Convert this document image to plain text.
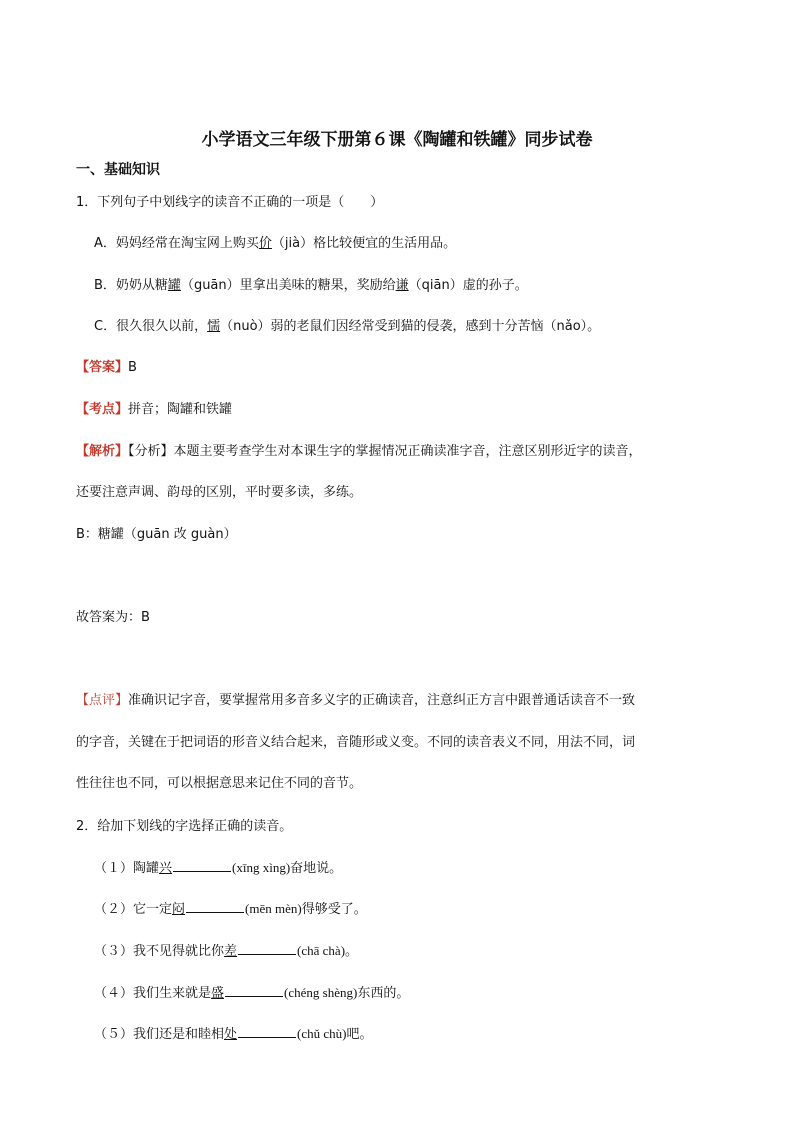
小学语文三年级下册第６课《陶罐和铁罐》同步试卷
一、基础知识
1．下列句子中划线字的读音不正确的一项是（　　）
A．妈妈经常在淘宝网上购买价（jià）格比较便宜的生活用品。
B．奶奶从糖罐（guān）里拿出美味的糖果，奖励给谦（qiān）虚的孙子。
C．很久很久以前，懦（nuò）弱的老鼠们因经常受到猫的侵袭，感到十分苦恼（nǎo）。
【答案】B
【考点】拼音；陶罐和铁罐
【解析】【分析】本题主要考查学生对本课生字的掌握情况正确读准字音，注意区别形近字的读音，
还要注意声调、韵母的区别，平时要多读，多练。
B：糖罐（guān 改 guàn）
故答案为：B
【点评】准确识记字音，要掌握常用多音多义字的正确读音，注意纠正方言中跟普通话读音不一致
的字音，关键在于把词语的形音义结合起来，音随形或义变。不同的读音表义不同，用法不同，词
性往往也不同，可以根据意思来记住不同的音节。
2．给加下划线的字选择正确的读音。
（１）陶罐兴	(xīng xìng)奋地说。
（２）它一定闷	(mēn mèn)得够受了。
（３）我不见得就比你差	(chā chà)。
（４）我们生来就是盛	(chéng shèng)东西的。
（５）我们还是和睦相处	(chǔ chù)吧。
